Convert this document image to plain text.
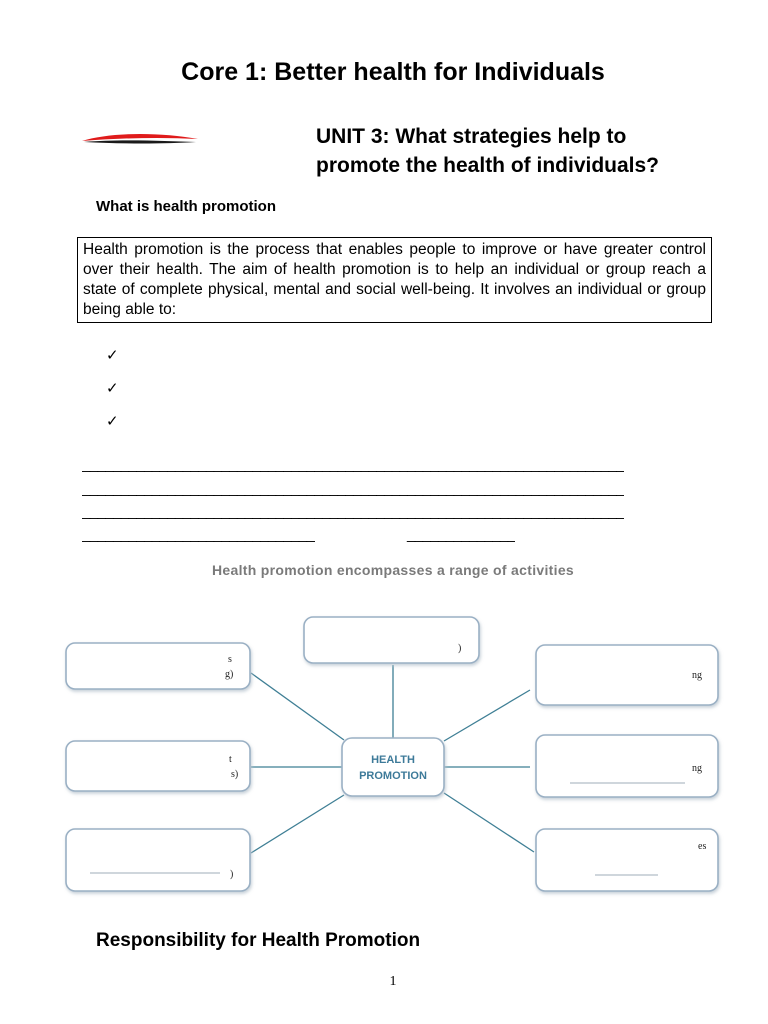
Core 1: Better health for Individuals
UNIT 3: What strategies help to
promote the health of individuals?
What is health promotion
Health promotion is the process that enables people to improve or have greater control over their health. The aim of health promotion is to help an individual or group reach a state of complete physical, mental and social well-being. It involves an individual or group being able to:
✓
✓
✓
______________________________________________________________________
______________________________________________________________________
______________________________________________________________________
______________________________                          ______________
Health promotion encompasses a range of activities
HEALTH
PROMOTION
)
s
g)
t
s)
)
ng
ng
es
Responsibility for Health Promotion
1
